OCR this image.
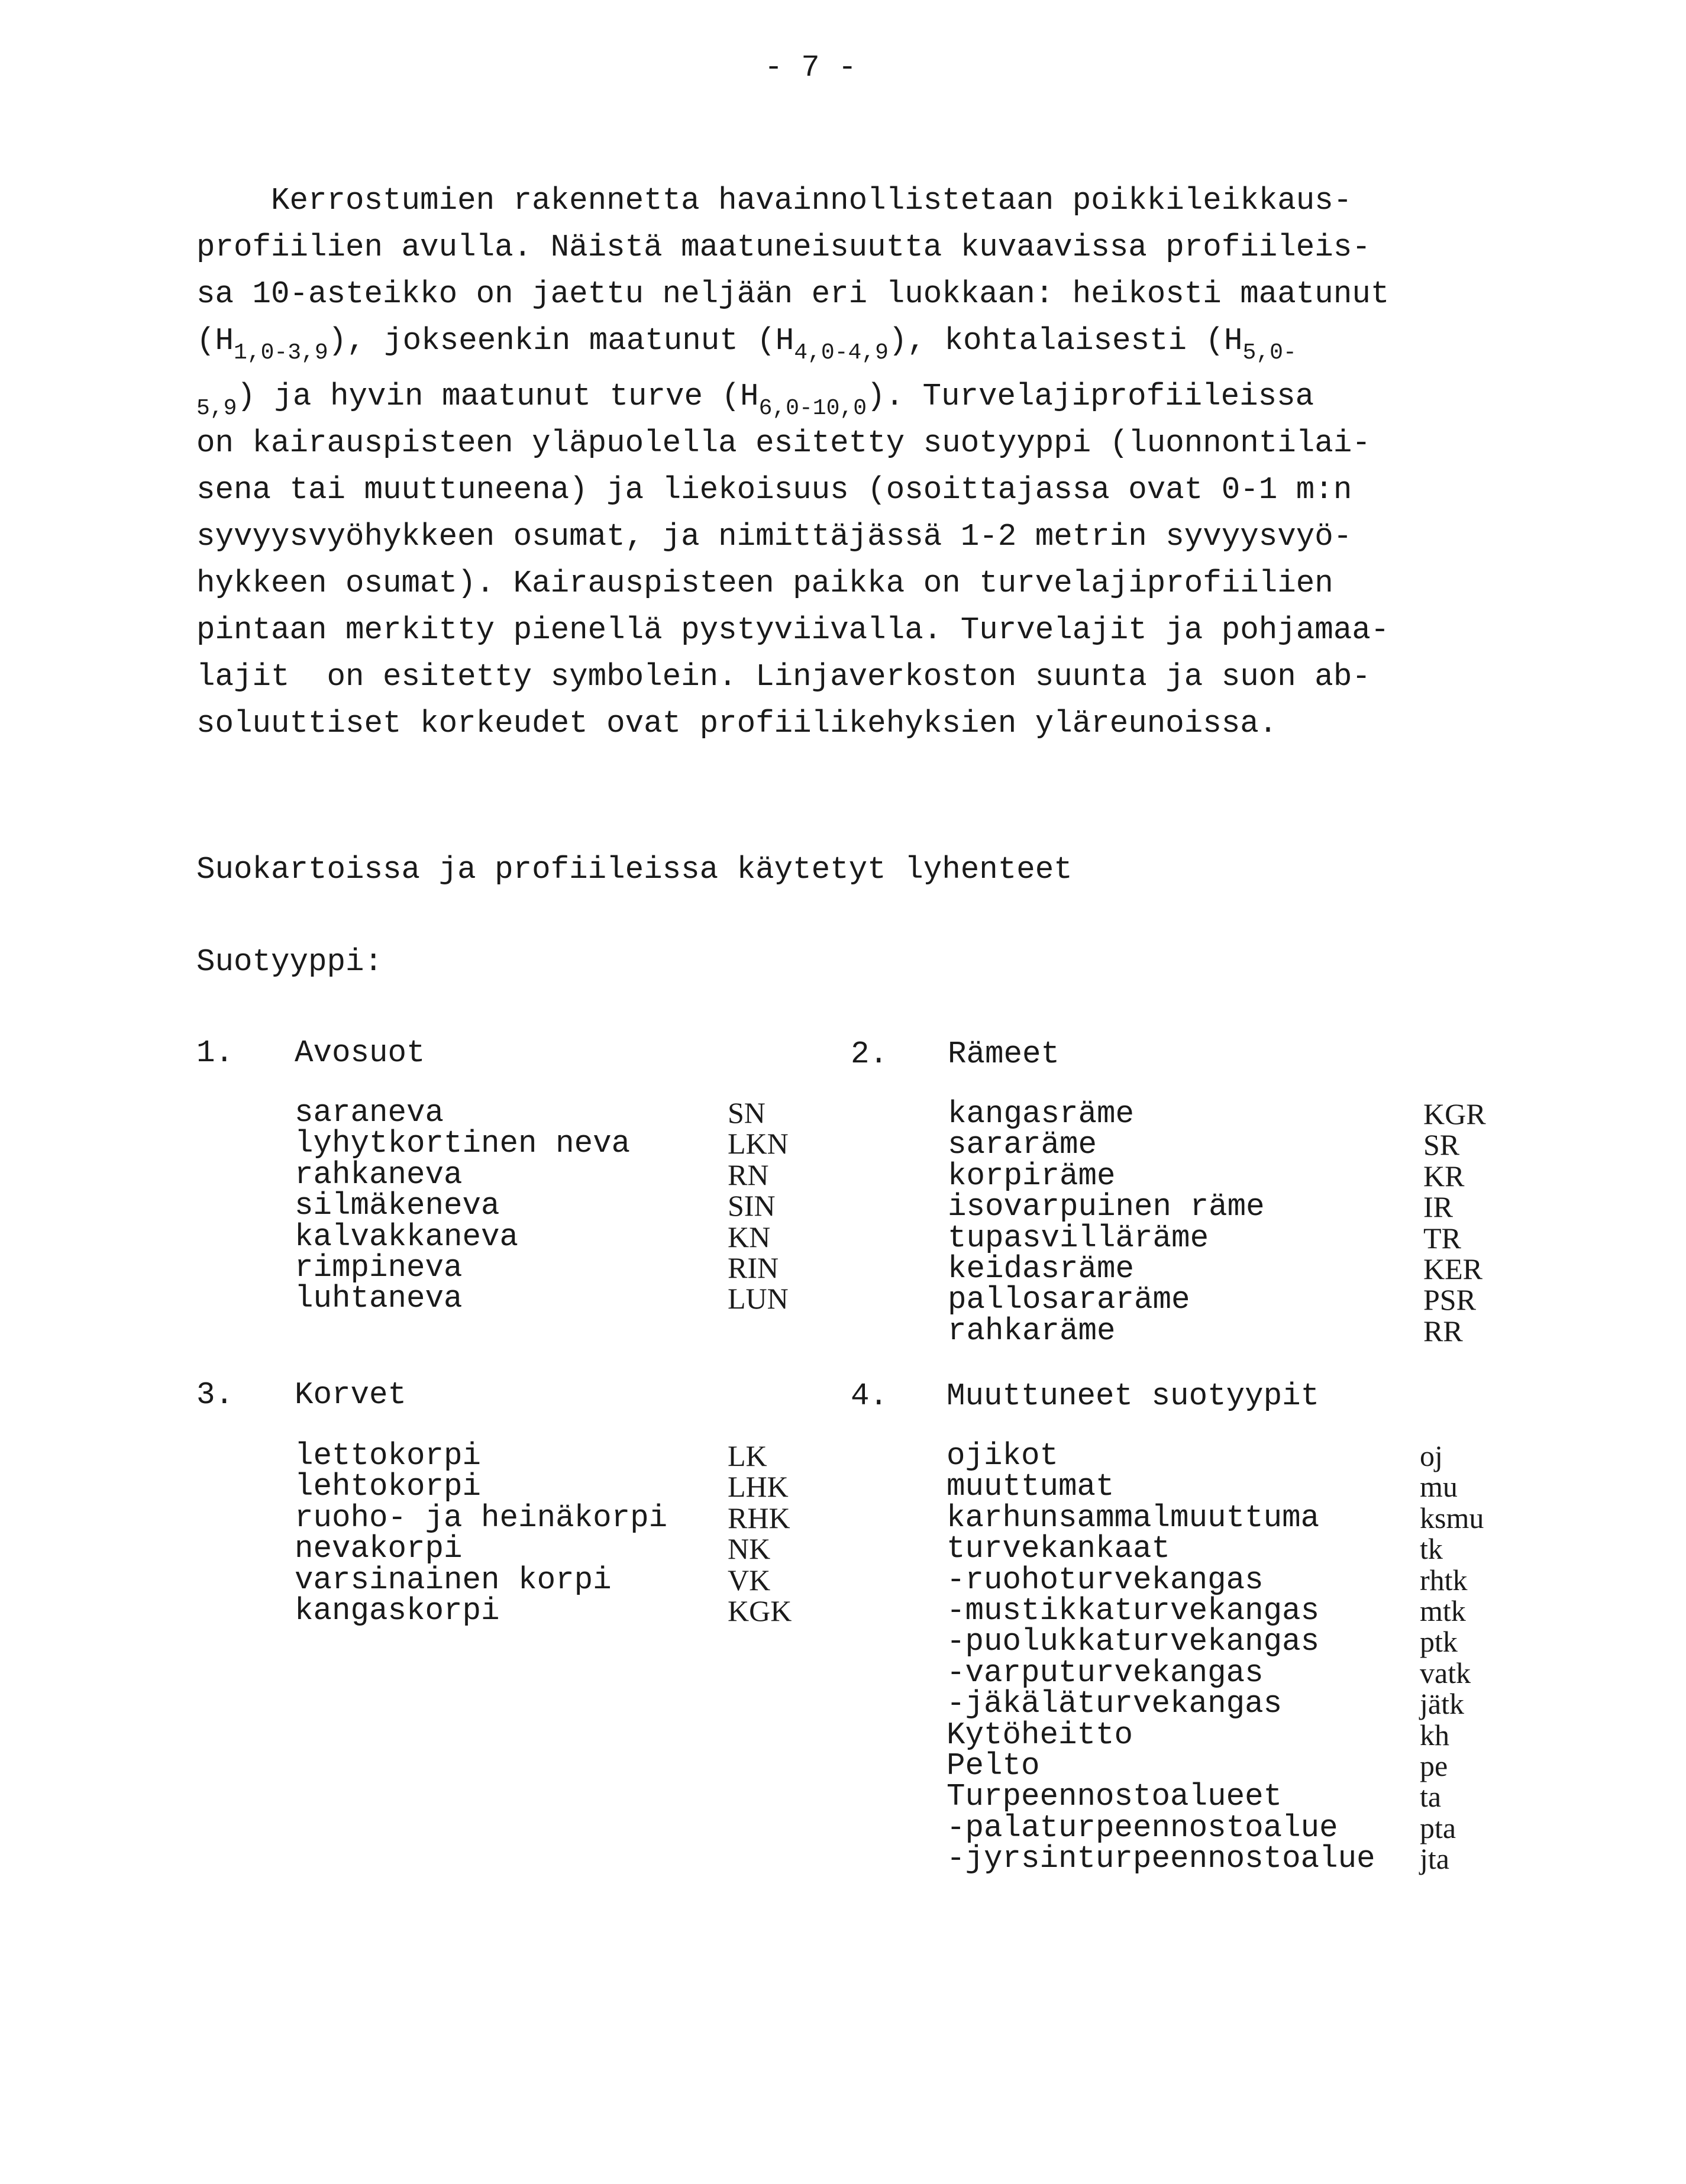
- 7 -
Kerrostumien rakennetta havainnollistetaan poikkileikkaus-
profiilien avulla. Näistä maatuneisuutta kuvaavissa profiileis-
sa 10-asteikko on jaettu neljään eri luokkaan: heikosti maatunut
$(H_{1,0-3,9})$, jokseenkin maatunut $(H_{4,0-4,9})$, kohtalaisesti ($H_{5,0-}$
$_{5,9}$) ja hyvin maatunut turve $(H_{6,0-10,0})$. Turvelajiprofiileissa
on kairauspisteen yläpuolella esitetty suotyyppi (luonnontilai-
sena tai muuttuneena) ja liekoisuus (osoittajassa ovat 0-1 m:n
syvyysvyöhykkeen osumat, ja nimittäjässä 1-2 metrin syvyysvyö-
hykkeen osumat). Kairauspisteen paikka on turvelajiprofiilien
pintaan merkitty pienellä pystyviivalla. Turvelajit ja pohjamaa-
lajit  on esitetty symbolein. Linjaverkoston suunta ja suon ab-
soluuttiset korkeudet ovat profiilikehyksien yläreunoissa.
Suokartoissa ja profiileissa käytetyt lyhenteet
Suotyyppi:
1. Avosuot
saraneva	SN
lyhytkortinen neva	LKN
rahkaneva	RN
silmäkeneva	SIN
kalvakkaneva	KN
rimpineva	RIN
luhtaneva	LUN
2. Rämeet
kangasräme	KGR
sararäme	SR
korpiräme	KR
isovarpuinen räme	IR
tupasvilläräme	TR
keidasräme	KER
pallosararäme	PSR
rahkaräme	RR
3. Korvet
lettokorpi	LK
lehtokorpi	LHK
ruoho- ja heinäkorpi RHK
nevakorpi	NK
varsinainen korpi	VK
kangaskorpi	KGK
4. Muuttuneet suotyypit
ojikot	oj
muuttumat	mu
karhunsammalmuuttuma	ksmu
turvekankaat	tk
-ruohoturvekangas	rhtk
-mustikkaturvekangas	mtk
-puolukkaturvekangas	ptk
-varputurvekangas	vatk
-jäkäläturvekangas	jätk
Kytöheitto	kh
Pelto	pe
Turpeennostoalueet	ta
-palaturpeennostoalue	pta
-jyrsinturpeennostoalue jta
